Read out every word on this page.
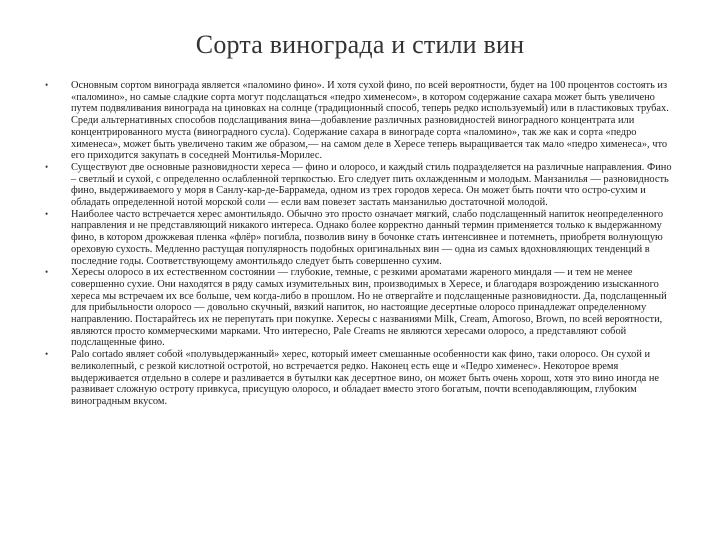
Сорта винограда и стили вин
• Основным сортом винограда является «паломино фино». И хотя сухой фино, по всей вероятности, будет на 100 процентов состоять из «паломино», но самые сладкие сорта могут подслащаться «педро хименесом», в котором содержание сахара может быть увеличено путем подвяливания винограда на циновках на солнце (традиционный способ, теперь редко используемый) или в пластиковых трубах. Среди альтернативных способов подслащивания вина—добавление различных разновидностей виноградного концентрата или концентрированного муста (виноградного сусла). Содержание сахара в винограде сорта «паломино», так же как и сорта «педро хименеса», может быть увеличено таким же образом,— на самом деле в Хересе теперь выращивается так мало «педро хименеса», что его приходится закупать в соседней Монтилья-Морилес.
• Существуют две основные разновидности хереса — фино и олоросо, и каждый стиль подразделяется на различные направления. Фино – светлый и сухой, с определенно ослабленной терпкостью. Его следует пить охлажденным и молодым. Манзанилья — разновидность фино, выдерживаемого у моря в Санлу-кар-де-Баррамеда, одном из трех городов хереса. Он может быть почти что остро-сухим и обладать определенной нотой морской соли — если вам повезет застать манзанилью достаточной молодой.
• Наиболее часто встречается херес амонтильядо. Обычно это просто означает мягкий, слабо подслащенный напиток неопределенного направления и не представляющий никакого интереса. Однако более корректно данный термин применяется только к выдержанному фино, в котором дрожжевая пленка «флёр» погибла, позволив вину в бочонке стать интенсивнее и потемнеть, приобретя волнующую ореховую сухость. Медленно растущая популярность подобных оригинальных вин — одна из самых вдохновляющих тенденций в последние годы. Соответствующему амонтильядо следует быть совершенно сухим.
• Хересы олоросо в их естественном состоянии — глубокие, темные, с резкими ароматами жареного миндаля — и тем не менее совершенно сухие. Они находятся в ряду самых изумительных вин, производимых в Хересе, и благодаря возрождению изысканного хереса мы встречаем их все больше, чем когда-либо в прошлом. Но не отвергайте и подслащенные разновидности. Да, подслащенный для прибыльности олоросо — довольно скучный, вязкий напиток, но настоящие десертные олоросо принадлежат определенному направлению. Постарайтесь их не перепутать при покупке. Хересы с названиями Milk, Cream, Amoroso, Brown, по всей вероятности, являются просто коммерческими марками. Что интересно, Pale Creams не являются хересами олоросо, а представляют собой подслащенные фино.
• Palo cortado являет собой «полувыдержанный» херес, который имеет смешанные особенности как фино, таки олоросо. Он сухой и великолепный, с резкой кислотной остротой, но встречается редко. Наконец есть еще и «Педро хименес». Некоторое время выдерживается отдельно в солере и разливается в бутылки как десертное вино, он может быть очень хорош, хотя это вино иногда не развивает сложную остроту привкуса, присущую олоросо, и обладает вместо этого богатым, почти всеподавляющим, глубоким виноградным вкусом.
